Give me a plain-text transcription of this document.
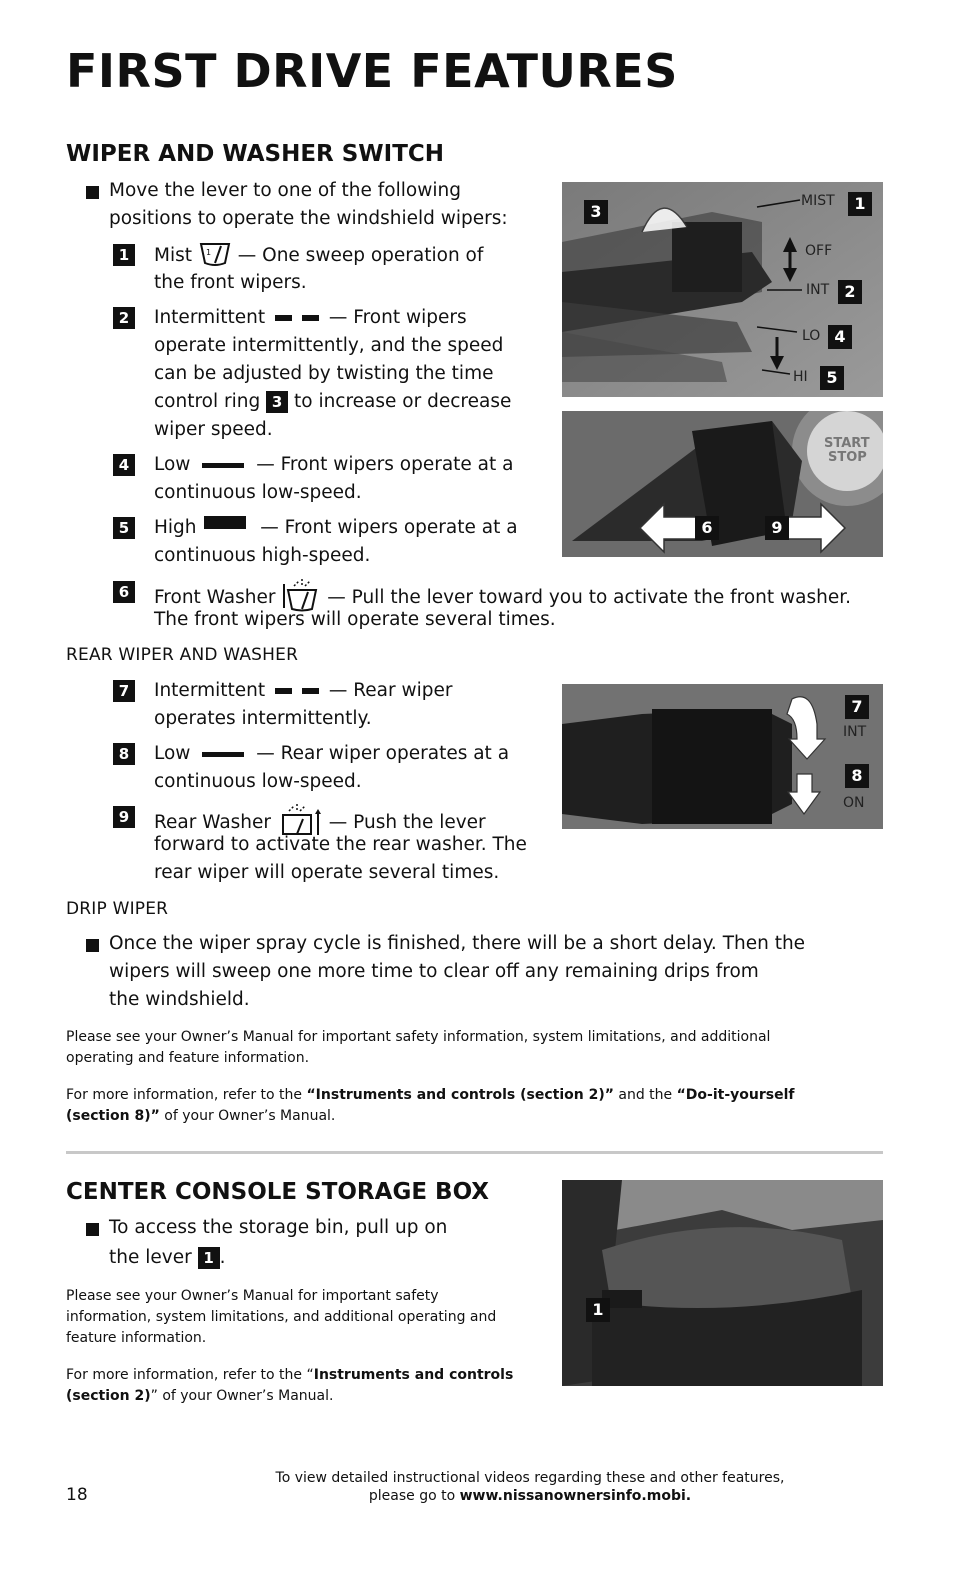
FIRST DRIVE FEATURES
WIPER AND WASHER SWITCH
Move the lever to one of the following
positions to operate the windshield wipers:
1	Mist 1 — One sweep operation of
the front wipers.
2	Intermittent	— Front wipers
operate intermittently, and the speed
can be adjusted by twisting the time
control ring 3 to increase or decrease
wiper speed.
4	Low	— Front wipers operate at a
continuous low-speed.
5	High	— Front wipers operate at a
continuous high-speed.
6	Front Washer  — Pull the lever toward you to activate the front washer.
The front wipers will operate several times.
REAR WIPER AND WASHER
7	Intermittent	— Rear wiper
operates intermittently.
8	Low	— Rear wiper operates at a
continuous low-speed.
9	Rear Washer  — Push the lever
forward to activate the rear washer. The
rear wiper will operate several times.
DRIP WIPER
Once the wiper spray cycle is finished, there will be a short delay. Then the
wipers will sweep one more time to clear off any remaining drips from
the windshield.
Please see your Owner’s Manual for important safety information, system limitations, and additional
operating and feature information.
For more information, refer to the “Instruments and controls (section 2)” and the “Do-it-yourself
(section 8)” of your Owner’s Manual.
3
MIST	1
OFF
INT 2
LO 4
HI	5
START
STOP
6	9
7
INT
8
ON
CENTER CONSOLE STORAGE BOX
To access the storage bin, pull up on
the lever 1 .
Please see your Owner’s Manual for important safety
information, system limitations, and additional operating and
feature information.
For more information, refer to the “Instruments and controls
(section 2)” of your Owner’s Manual.
1
18
To view detailed instructional videos regarding these and other features,
please go to www.nissanownersinfo.mobi.
